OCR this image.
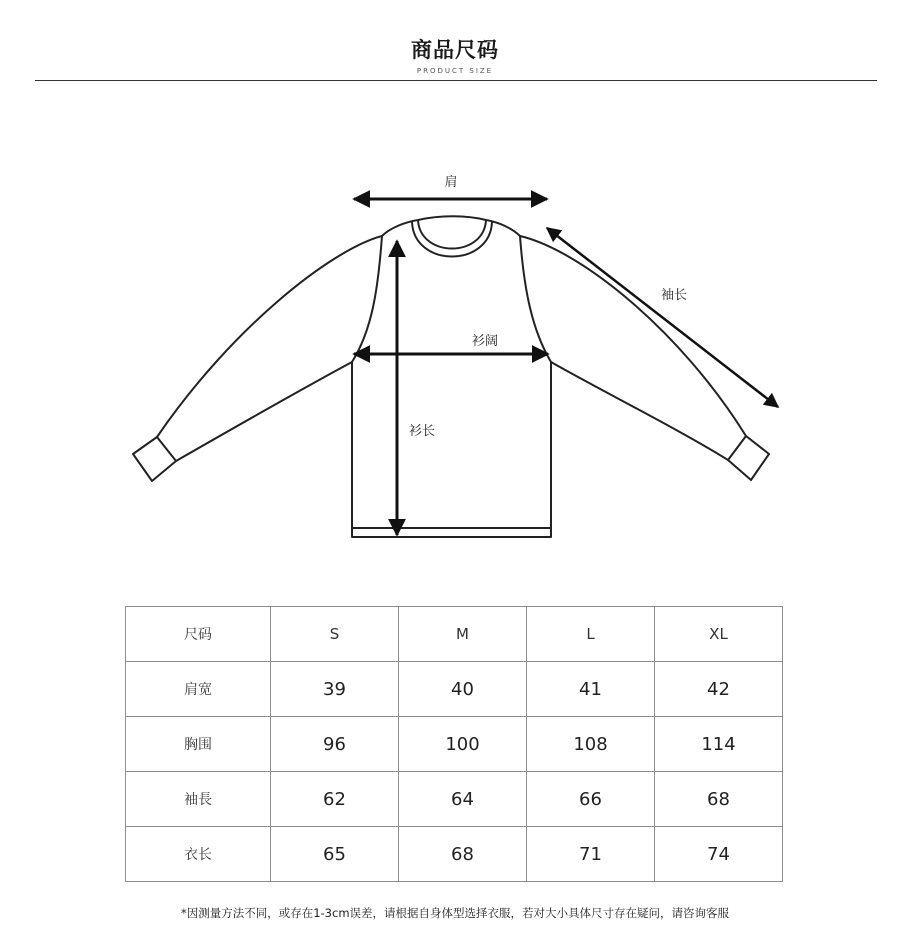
商品尺码
PRODUCT SIZE
肩
袖长
衫阔
衫长
尺码	S	M	L	XL
肩宽	39	40	41	42
胸围	96	100	108	114
袖長	62	64	66	68
衣长	65	68	71	74
*因测量方法不同，或存在1-3cm误差，请根据自身体型选择衣服，若对大小具体尺寸存在疑问，请咨询客服
